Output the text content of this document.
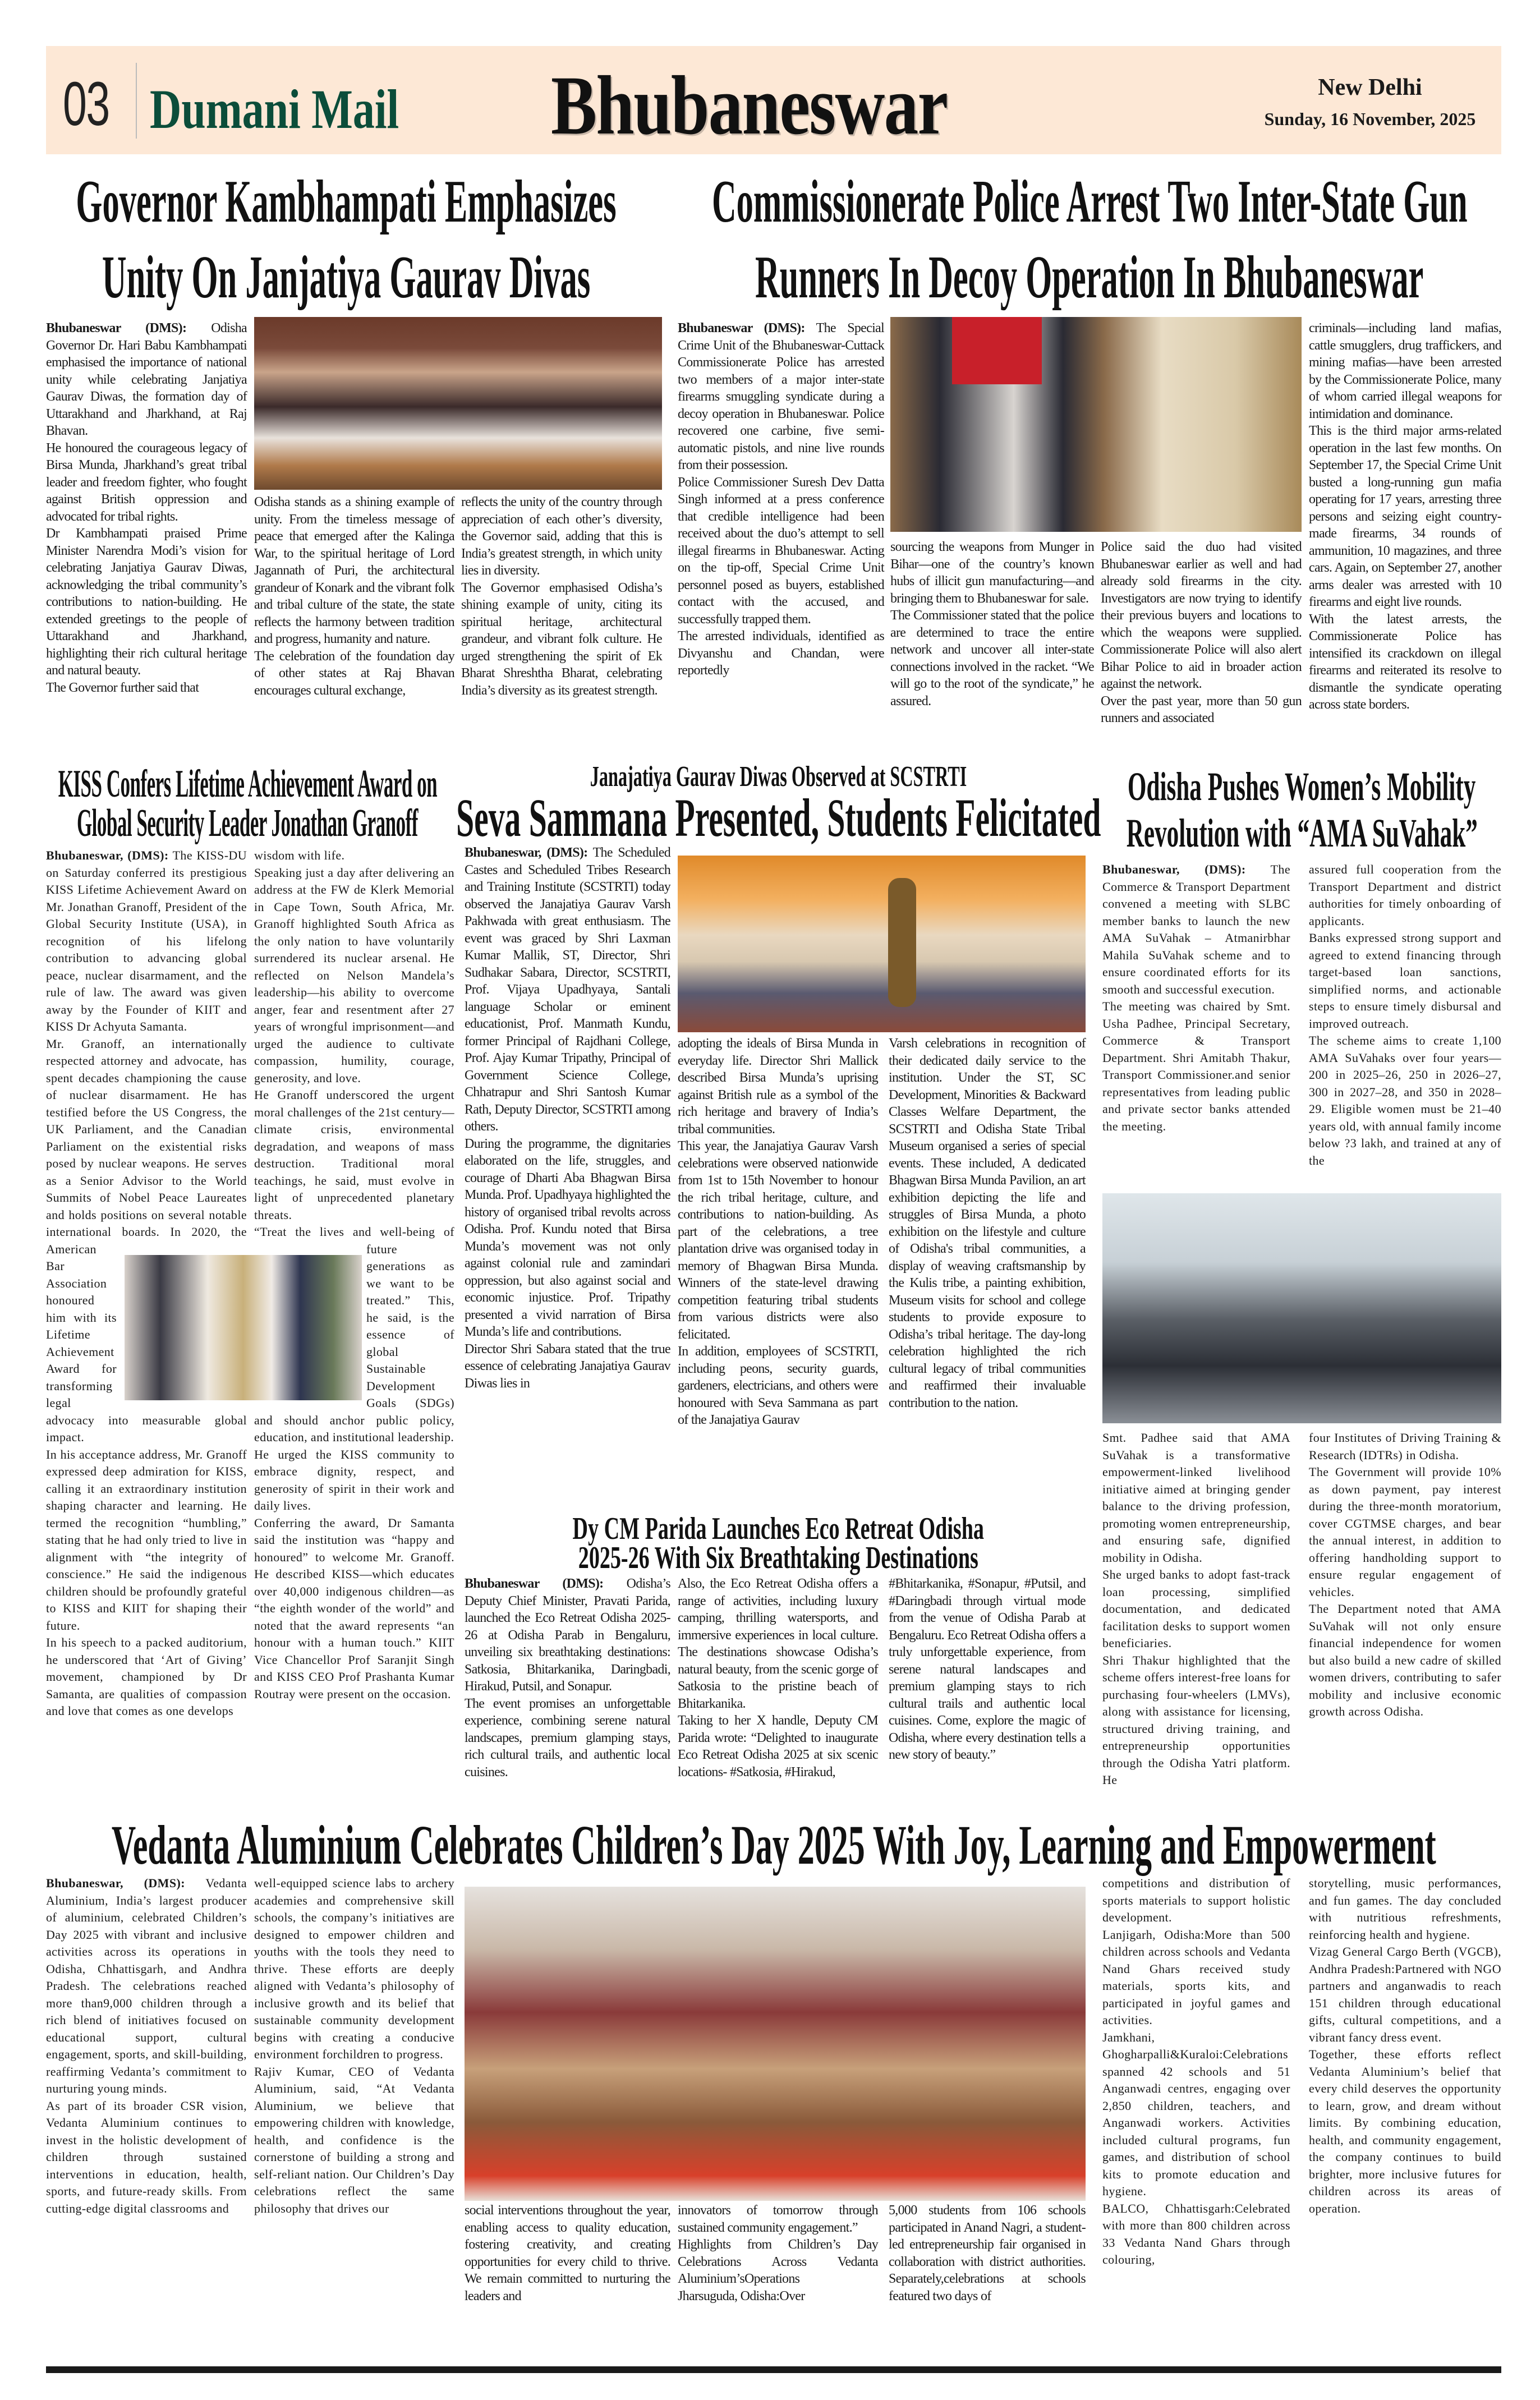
03 Dumani Mail Bhubaneswar	New Delhi
Sunday, 16 November, 2025
Governor Kambhampati Emphasizes
Unity On Janjatiya Gaurav Divas

Bhubaneswar (DMS): Odisha Governor Dr. Hari Babu Kambhampati emphasised the importance of national unity while celebrating Janjatiya Gaurav Diwas, the formation day of Uttarakhand and Jharkhand, at Raj Bhavan.

He honoured the courageous legacy of Birsa Munda, Jharkhand’s great tribal leader and freedom fighter, who fought against British oppression and advocated for tribal rights.

Dr Kambhampati praised Prime Minister Narendra Modi’s vision for celebrating Janjatiya Gaurav Diwas, acknowledging the tribal community’s contributions to nation-building. He extended greetings to the people of Uttarakhand and Jharkhand, highlighting their rich cultural heritage and natural beauty.

The Governor further said that

Odisha stands as a shining example of unity. From the timeless message of peace that emerged after the Kalinga War, to the spiritual heritage of Lord Jagannath of Puri, the architectural grandeur of Konark and the vibrant folk and tribal culture of the state, the state reflects the harmony between tradition and progress, humanity and nature.

The celebration of the foundation day of other states at Raj Bhavan encourages cultural exchange,

reflects the unity of the country through appreciation of each other’s diversity, the Governor said, adding that this is India’s greatest strength, in which unity lies in diversity.

The Governor emphasised Odisha’s shining example of unity, citing its spiritual heritage, architectural grandeur, and vibrant folk culture. He urged strengthening the spirit of Ek Bharat Shreshtha Bharat, celebrating India’s diversity as its greatest strength.

Commissionerate Police Arrest Two Inter-State Gun
Runners In Decoy Operation In Bhubaneswar

Bhubaneswar (DMS): The Special Crime Unit of the Bhubaneswar-Cuttack Commissionerate Police has arrested two members of a major inter-state firearms smuggling syndicate during a decoy operation in Bhubaneswar. Police recovered one carbine, five semi-automatic pistols, and nine live rounds from their possession.

Police Commissioner Suresh Dev Datta Singh informed at a press conference that credible intelligence had been received about the duo’s attempt to sell illegal firearms in Bhubaneswar. Acting on the tip-off, Special Crime Unit personnel posed as buyers, established contact with the accused, and successfully trapped them.

The arrested individuals, identified as Divyanshu and Chandan, were reportedly

sourcing the weapons from Munger in Bihar—one of the country’s known hubs of illicit gun manufacturing—and bringing them to Bhubaneswar for sale.

The Commissioner stated that the police are determined to trace the entire network and uncover all inter-state connections involved in the racket. “We will go to the root of the syndicate,” he assured.

Police said the duo had visited Bhubaneswar earlier as well and had already sold firearms in the city. Investigators are now trying to identify their previous buyers and locations to which the weapons were supplied. Commissionerate Police will also alert Bihar Police to aid in broader action against the network.

Over the past year, more than 50 gun runners and associated

criminals—including land mafias, cattle smugglers, drug traffickers, and mining mafias—have been arrested by the Commissionerate Police, many of whom carried illegal weapons for intimidation and dominance.

This is the third major arms-related operation in the last few months. On September 17, the Special Crime Unit busted a long-running gun mafia operating for 17 years, arresting three persons and seizing eight country-made firearms, 34 rounds of ammunition, 10 magazines, and three cars. Again, on September 27, another arms dealer was arrested with 10 firearms and eight live rounds.

With the latest arrests, the Commissionerate Police has intensified its crackdown on illegal firearms and reiterated its resolve to dismantle the syndicate operating across state borders.

KISS Confers Lifetime Achievement Award on
Global Security Leader Jonathan Granoff

Bhubaneswar, (DMS): The KISS-DU on Saturday conferred its prestigious KISS Lifetime Achievement Award on Mr. Jonathan Granoff, President of the Global Security Institute (USA), in recognition of his lifelong contribution to advancing global peace, nuclear disarmament, and the rule of law. The award was given away by the Founder of KIIT and KISS Dr Achyuta Samanta.

Mr. Granoff, an internationally respected attorney and advocate, has spent decades championing the cause of nuclear disarmament. He has testified before the US Congress, the UK Parliament, and the Canadian Parliament on the existential risks posed by nuclear weapons. He serves as a Senior Advisor to the World Summits of Nobel Peace Laureates and holds positions on several notable international boards. In 2020, the American Bar Association honoured him with its Lifetime Achievement Award for transforming legal advocacy into measurable global impact.

In his acceptance address, Mr. Granoff expressed deep admiration for KISS, calling it an extraordinary institution shaping character and learning. He termed the recognition “humbling,” stating that he had only tried to live in alignment with “the integrity of conscience.” He said the indigenous children should be profoundly grateful to KISS and KIIT for shaping their future.

In his speech to a packed auditorium, he underscored that ‘Art of Giving’ movement, championed by Dr Samanta, are qualities of compassion and love that comes as one develops

wisdom with life.

Speaking just a day after delivering an address at the FW de Klerk Memorial in Cape Town, South Africa, Mr. Granoff highlighted South Africa as the only nation to have voluntarily surrendered its nuclear arsenal. He reflected on Nelson Mandela’s leadership—his ability to overcome anger, fear and resentment after 27 years of wrongful imprisonment—and urged the audience to cultivate compassion, humility, courage, generosity, and love.

He Granoff underscored the urgent moral challenges of the 21st century—climate crisis, environmental degradation, and weapons of mass destruction. Traditional moral teachings, he said, must evolve in light of unprecedented planetary threats.

“Treat the lives and well-being of future generations as we want to be treated.” This, he said, is the essence of global Sustainable Development Goals (SDGs) and should anchor public policy, education, and institutional leadership.

He urged the KISS community to embrace dignity, respect, and generosity of spirit in their work and daily lives.

Conferring the award, Dr Samanta said the institution was “happy and honoured” to welcome Mr. Granoff. He described KISS—which educates over 40,000 indigenous children—as “the eighth wonder of the world” and noted that the award represents “an honour with a human touch.” KIIT Vice Chancellor Prof Saranjit Singh and KISS CEO Prof Prashanta Kumar Routray were present on the occasion.

Janajatiya Gaurav Diwas Observed at SCSTRTI
Seva Sammana Presented, Students Felicitated

Bhubaneswar, (DMS): The Scheduled Castes and Scheduled Tribes Research and Training Institute (SCSTRTI) today observed the Janajatiya Gaurav Varsh Pakhwada with great enthusiasm. The event was graced by Shri Laxman Kumar Mallik, ST, Director, Shri Sudhakar Sabara, Director, SCSTRTI, Prof. Vijaya Upadhyaya, Santali language Scholar or eminent educationist, Prof. Manmath Kundu, former Principal of Rajdhani College, Prof. Ajay Kumar Tripathy, Principal of Government Science College, Chhatrapur and Shri Santosh Kumar Rath, Deputy Director, SCSTRTI among others.

During the programme, the dignitaries elaborated on the life, struggles, and courage of Dharti Aba Bhagwan Birsa Munda. Prof. Upadhyaya highlighted the history of organised tribal revolts across Odisha. Prof. Kundu noted that Birsa Munda’s movement was not only against colonial rule and zamindari oppression, but also against social and economic injustice. Prof. Tripathy presented a vivid narration of Birsa Munda’s life and contributions.

Director Shri Sabara stated that the true essence of celebrating Janajatiya Gaurav Diwas lies in

adopting the ideals of Birsa Munda in everyday life. Director Shri Mallick described Birsa Munda’s uprising against British rule as a symbol of the rich heritage and bravery of India’s tribal communities.

This year, the Janajatiya Gaurav Varsh celebrations were observed nationwide from 1st to 15th November to honour the rich tribal heritage, culture, and contributions to nation-building. As part of the celebrations, a tree plantation drive was organised today in memory of Bhagwan Birsa Munda. Winners of the state-level drawing competition featuring tribal students from various districts were also felicitated.

In addition, employees of SCSTRTI, including peons, security guards, gardeners, electricians, and others were honoured with Seva Sammana as part of the Janajatiya Gaurav

Varsh celebrations in recognition of their dedicated daily service to the institution. Under the ST, SC Development, Minorities & Backward Classes Welfare Department, the SCSTRTI and Odisha State Tribal Museum organised a series of special events. These included, A dedicated Bhagwan Birsa Munda Pavilion, an art exhibition depicting the life and struggles of Birsa Munda, a photo exhibition on the lifestyle and culture of Odisha's tribal communities, a display of weaving craftsmanship by the Kulis tribe, a painting exhibition, Museum visits for school and college students to provide exposure to Odisha’s tribal heritage. The day-long celebration highlighted the rich cultural legacy of tribal communities and reaffirmed their invaluable contribution to the nation.

Dy CM Parida Launches Eco Retreat Odisha
2025-26 With Six Breathtaking Destinations

Bhubaneswar (DMS): Odisha’s Deputy Chief Minister, Pravati Parida, launched the Eco Retreat Odisha 2025-26 at Odisha Parab in Bengaluru, unveiling six breathtaking destinations: Satkosia, Bhitarkanika, Daringbadi, Hirakud, Putsil, and Sonapur.

The event promises an unforgettable experience, combining serene natural landscapes, premium glamping stays, rich cultural trails, and authentic local cuisines.

Also, the Eco Retreat Odisha offers a range of activities, including luxury camping, thrilling watersports, and immersive experiences in local culture. The destinations showcase Odisha’s natural beauty, from the scenic gorge of Satkosia to the pristine beach of Bhitarkanika.

Taking to her X handle, Deputy CM Parida wrote: “Delighted to inaugurate Eco Retreat Odisha 2025 at six scenic locations- #Satkosia, #Hirakud,

#Bhitarkanika, #Sonapur, #Putsil, and #Daringbadi through virtual mode from the venue of Odisha Parab at Bengaluru. Eco Retreat Odisha offers a truly unforgettable experience, from serene natural landscapes and premium glamping stays to rich cultural trails and authentic local cuisines. Come, explore the magic of Odisha, where every destination tells a new story of beauty.”

Odisha Pushes Women’s Mobility
Revolution with “AMA SuVahak”

Bhubaneswar, (DMS): The Commerce & Transport Department convened a meeting with SLBC member banks to launch the new AMA SuVahak – Atmanirbhar Mahila SuVahak scheme and to ensure coordinated efforts for its smooth and successful execution.

The meeting was chaired by Smt. Usha Padhee, Principal Secretary, Commerce & Transport Department. Shri Amitabh Thakur, Transport Commissioner.and senior representatives from leading public and private sector banks attended the meeting.

assured full cooperation from the Transport Department and district authorities for timely onboarding of applicants.

Banks expressed strong support and agreed to extend financing through target-based loan sanctions, simplified norms, and actionable steps to ensure timely disbursal and improved outreach.

The scheme aims to create 1,100 AMA SuVahaks over four years—200 in 2025–26, 250 in 2026–27, 300 in 2027–28, and 350 in 2028–29. Eligible women must be 21–40 years old, with annual family income below ?3 lakh, and trained at any of the

Smt. Padhee said that AMA SuVahak is a transformative empowerment-linked livelihood initiative aimed at bringing gender balance to the driving profession, promoting women entrepreneurship, and ensuring safe, dignified mobility in Odisha.

She urged banks to adopt fast-track loan processing, simplified documentation, and dedicated facilitation desks to support women beneficiaries.

Shri Thakur highlighted that the scheme offers interest-free loans for purchasing four-wheelers (LMVs), along with assistance for licensing, structured driving training, and entrepreneurship opportunities through the Odisha Yatri platform. He

four Institutes of Driving Training & Research (IDTRs) in Odisha.

The Government will provide 10% as down payment, pay interest during the three-month moratorium, cover CGTMSE charges, and bear the annual interest, in addition to offering handholding support to ensure regular engagement of vehicles.

The Department noted that AMA SuVahak will not only ensure financial independence for women but also build a new cadre of skilled women drivers, contributing to safer mobility and inclusive economic growth across Odisha.

Vedanta Aluminium Celebrates Children’s Day 2025 With Joy, Learning and Empowerment

Bhubaneswar, (DMS): Vedanta Aluminium, India’s largest producer of aluminium, celebrated Children’s Day 2025 with vibrant and inclusive activities across its operations in Odisha, Chhattisgarh, and Andhra Pradesh. The celebrations reached more than9,000 children through a rich blend of initiatives focused on educational support, cultural engagement, sports, and skill-building, reaffirming Vedanta’s commitment to nurturing young minds.

As part of its broader CSR vision, Vedanta Aluminium continues to invest in the holistic development of children through sustained interventions in education, health, sports, and future-ready skills. From cutting-edge digital classrooms and

well-equipped science labs to archery academies and comprehensive skill schools, the company’s initiatives are designed to empower children and youths with the tools they need to thrive. These efforts are deeply aligned with Vedanta’s philosophy of inclusive growth and its belief that sustainable community development begins with creating a conducive environment forchildren to progress.

Rajiv Kumar, CEO of Vedanta Aluminium, said, “At Vedanta Aluminium, we believe that empowering children with knowledge, health, and confidence is the cornerstone of building a strong and self-reliant nation. Our Children’s Day celebrations reflect the same philosophy that drives our	social interventions throughout the year, enabling access to quality education, fostering creativity, and creating opportunities for every child to thrive. We remain committed to nurturing the leaders and

innovators of tomorrow through sustained community engagement.”

Highlights from Children’s Day Celebrations Across Vedanta Aluminium’sOperations

Jharsuguda, Odisha:Over

5,000 students from 106 schools participated in Anand Nagri, a student-led entrepreneurship fair organised in collaboration with district authorities. Separately,celebrations at schools featured two days of

competitions and distribution of sports materials to support holistic development.

Lanjigarh, Odisha:More than 500 children across schools and Vedanta Nand Ghars received study materials, sports kits, and participated in joyful games and activities.

Jamkhani, Ghogharpalli&Kuraloi:Celebrations spanned 42 schools and 51 Anganwadi centres, engaging over 2,850 children, teachers, and Anganwadi workers. Activities included cultural programs, fun games, and distribution of school kits to promote education and hygiene.

BALCO, Chhattisgarh:Celebrated with more than 800 children across 33 Vedanta Nand Ghars through colouring,

storytelling, music performances, and fun games. The day concluded with nutritious refreshments, reinforcing health and hygiene.

Vizag General Cargo Berth (VGCB), Andhra Pradesh:Partnered with NGO partners and anganwadis to reach 151 children through educational gifts, cultural competitions, and a vibrant fancy dress event.

Together, these efforts reflect Vedanta Aluminium’s belief that every child deserves the opportunity to learn, grow, and dream without limits. By combining education, health, and community engagement, the company continues to build brighter, more inclusive futures for children across its areas of operation.
